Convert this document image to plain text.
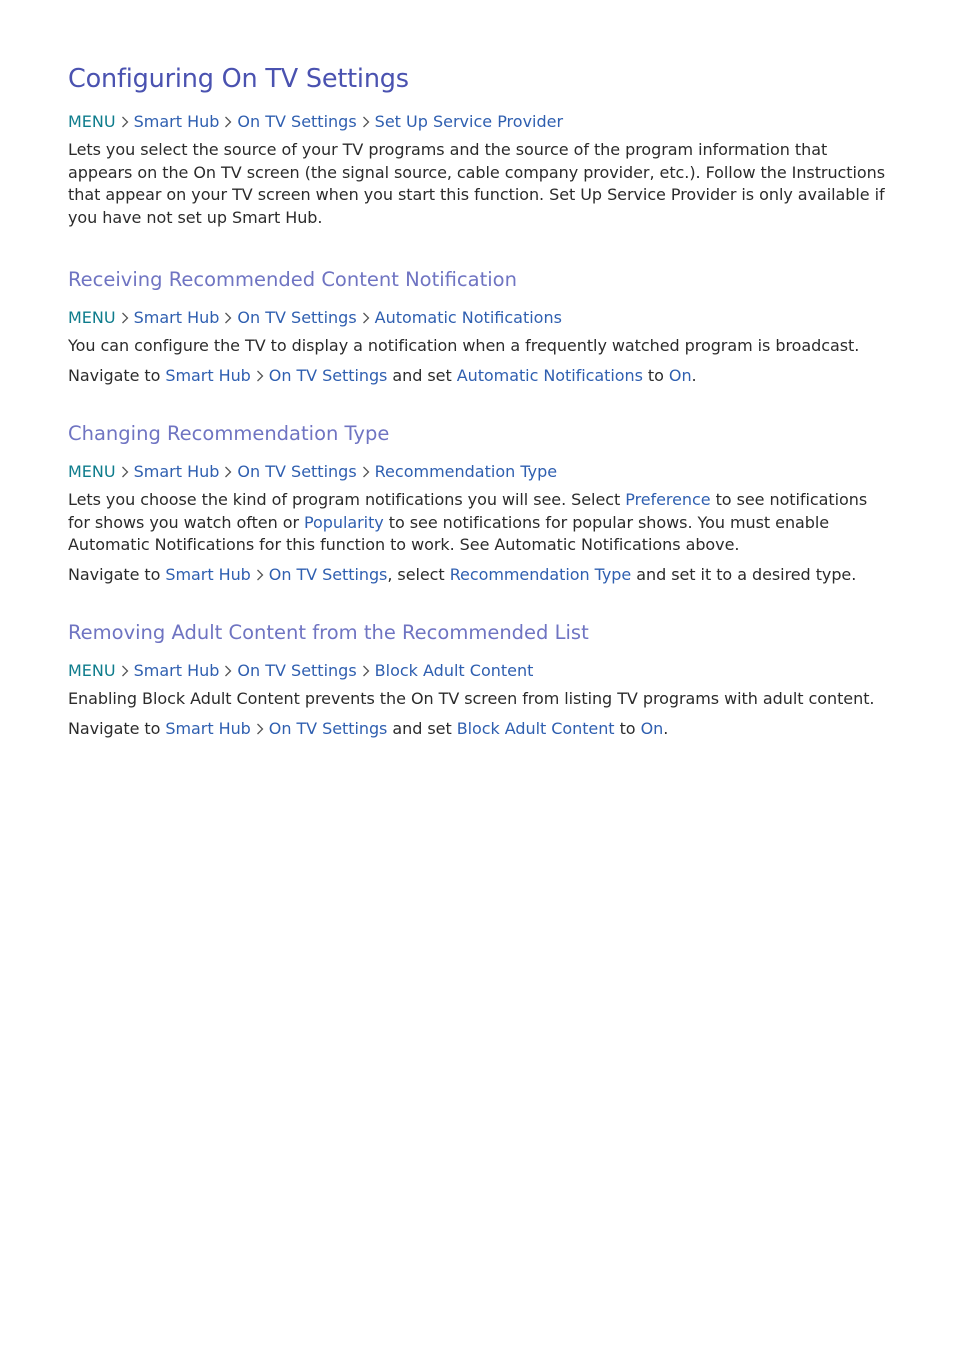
Configuring On TV Settings
MENU Smart Hub On TV Settings Set Up Service Provider

Lets you select the source of your TV programs and the source of the program information that appears on the On TV screen (the signal source, cable company provider, etc.). Follow the Instructions that appear on your TV screen when you start this function. Set Up Service Provider is only available if you have not set up Smart Hub.

Receiving Recommended Content Notification
MENU Smart Hub On TV Settings Automatic Notifications

You can configure the TV to display a notification when a frequently watched program is broadcast.

Navigate to Smart Hub On TV Settings and set Automatic Notifications to On.

Changing Recommendation Type
MENU Smart Hub On TV Settings Recommendation Type

Lets you choose the kind of program notifications you will see. Select Preference to see notifications for shows you watch often or Popularity to see notifications for popular shows. You must enable Automatic Notifications for this function to work. See Automatic Notifications above.

Navigate to Smart Hub On TV Settings, select Recommendation Type and set it to a desired type.

Removing Adult Content from the Recommended List
MENU Smart Hub On TV Settings Block Adult Content

Enabling Block Adult Content prevents the On TV screen from listing TV programs with adult content.

Navigate to Smart Hub On TV Settings and set Block Adult Content to On.
